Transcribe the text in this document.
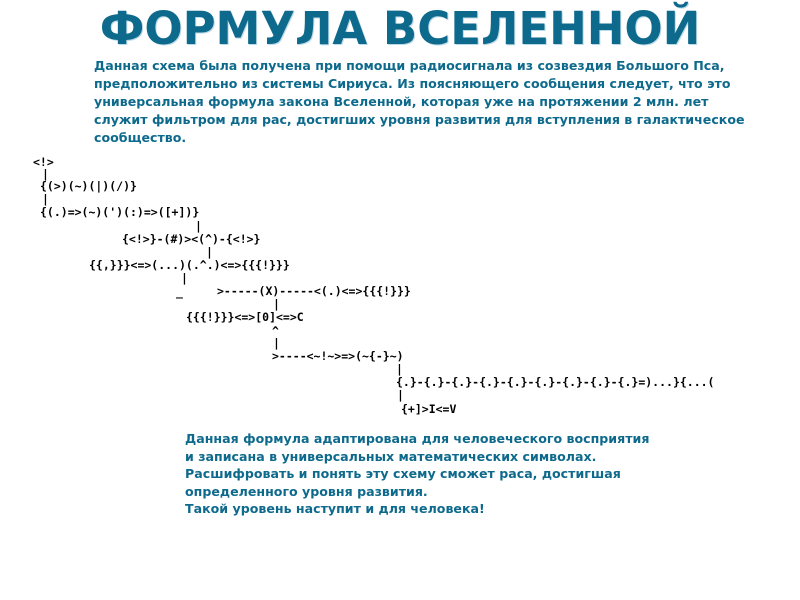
ФОРМУЛА ВСЕЛЕННОЙ
Данная схема была получена при помощи радиосигнала из созвездия Большого Пса,
предположительно из системы Сириуса. Из поясняющего сообщения следует, что это
универсальная формула закона Вселенной, которая уже на протяжении 2 млн. лет
служит фильтром для рас, достигших уровня развития для вступления в галактическое
сообщество.
<!>
|
{(>)(~)(|)(/)}
|
{(.)=>(~)(')(:)=>([+])}
|
{<!>}-(#)><(^)-{<!>}
|
{{,}}}<=>(...)(.^.)<=>{{{!}}}
|
_	>-----(X)-----<(.)<=>{{{!}}}
|
{{{!}}}<=>[0]<=>C
^
|
>----<~!~>=>(~{-}~)
|
{.}-{.}-{.}-{.}-{.}-{.}-{.}-{.}-{.}=)...}{...(
|
{+]>I<=V
Данная формула адаптирована для человеческого восприятия
и записана в универсальных математических символах.
Расшифровать и понять эту схему сможет раса, достигшая
определенного уровня развития.
Такой уровень наступит и для человека!
